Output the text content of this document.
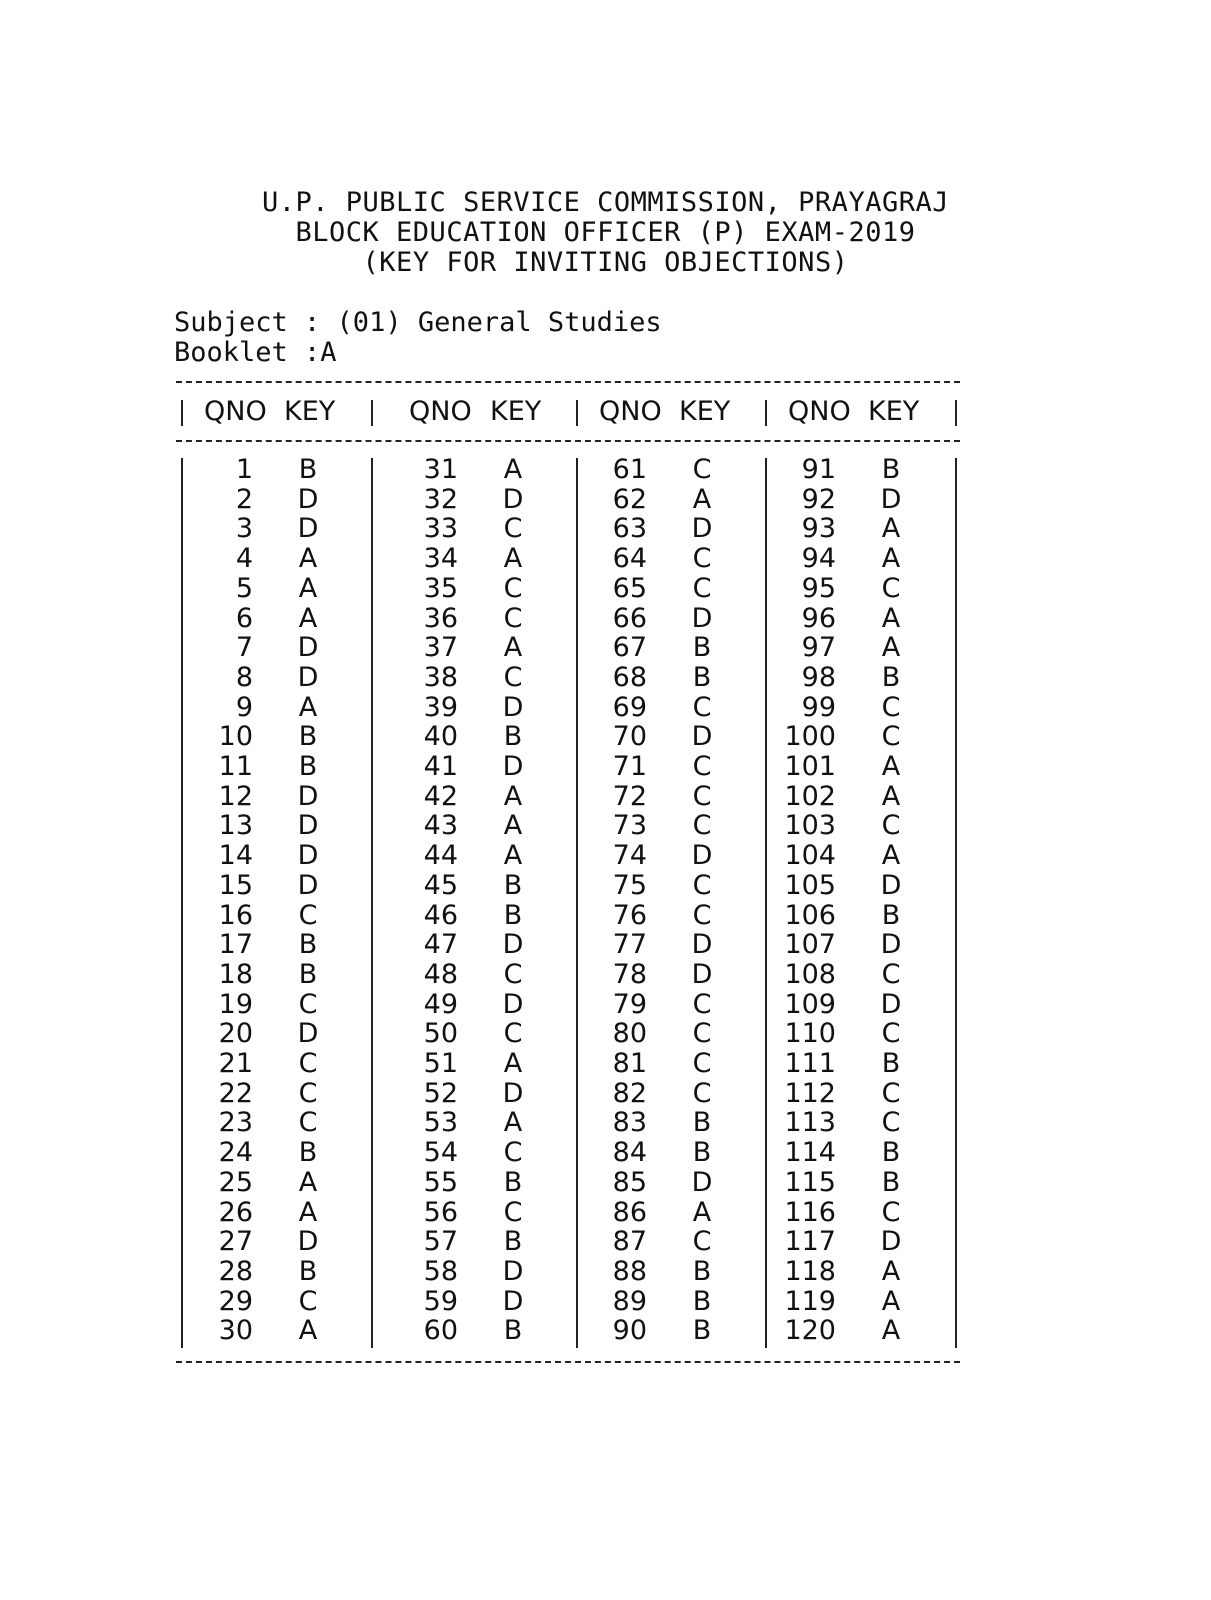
U.P. PUBLIC SERVICE COMMISSION, PRAYAGRAJ
BLOCK EDUCATION OFFICER (P) EXAM-2019
(KEY FOR INVITING OBJECTIONS)
Subject : (01) General Studies
Booklet :A
QNO KEY
1	B
2	D
3	D
4	A
5	A
6	A
7	D
8	D
9	A
10	B
11	B
12	D
13	D
14	D
15	D
16	C
17	B
18	B
19	C
20	D
21	C
22	C
23	C
24	B
25	A
26	A
27	D
28	B
29	C
30	A
QNO KEY
31	A
32	D
33	C
34	A
35	C
36	C
37	A
38	C
39	D
40	B
41	D
42	A
43	A
44	A
45	B
46	B
47	D
48	C
49	D
50	C
51	A
52	D
53	A
54	C
55	B
56	C
57	B
58	D
59	D
60	B
QNO KEY
61	C
62	A
63	D
64	C
65	C
66	D
67	B
68	B
69	C
70	D
71	C
72	C
73	C
74	D
75	C
76	C
77	D
78	D
79	C
80	C
81	C
82	C
83	B
84	B
85	D
86	A
87	C
88	B
89	B
90	B
QNO KEY
91	B
92	D
93	A
94	A
95	C
96	A
97	A
98	B
99	C
100	C
101	A
102	A
103	C
104	A
105	D
106	B
107	D
108	C
109	D
110	C
111	B
112	C
113	C
114	B
115	B
116	C
117	D
118	A
119	A
120	A
